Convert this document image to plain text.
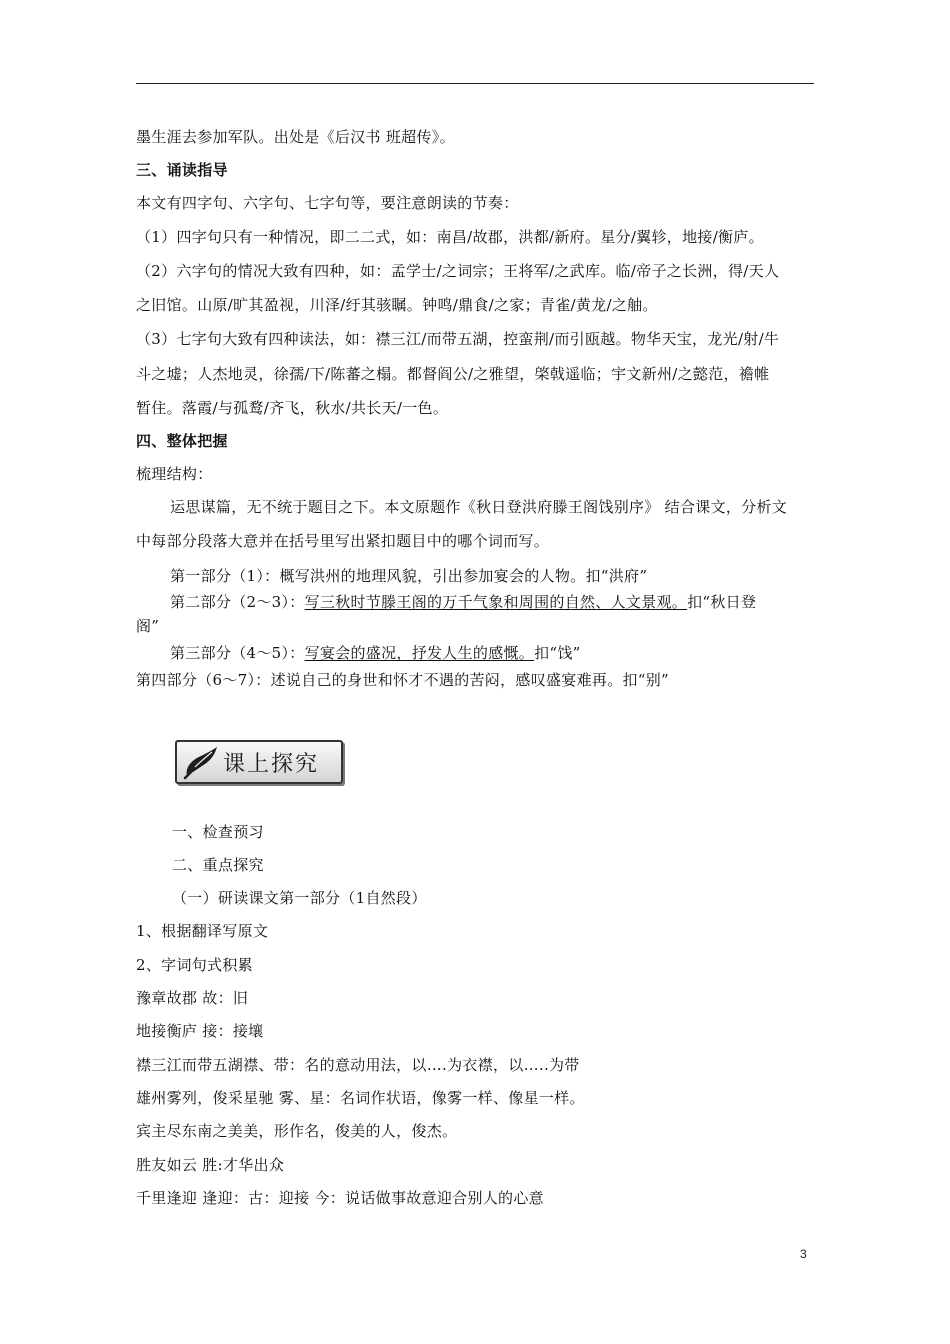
墨生涯去参加军队。出处是《后汉书 班超传》。
三、诵读指导
本文有四字句、六字句、七字句等，要注意朗读的节奏：
（1）四字句只有一种情况，即二二式，如：南昌/故郡，洪都/新府。星分/翼轸，地接/衡庐。
（2）六字句的情况大致有四种，如：孟学士/之词宗；王将军/之武库。临/帝子之长洲，得/天人
之旧馆。山原/旷其盈视，川泽/纡其骇瞩。钟鸣/鼎食/之家；青雀/黄龙/之舳。
（3）七字句大致有四种读法，如：襟三江/而带五湖，控蛮荆/而引瓯越。物华天宝，龙光/射/牛
斗之墟；人杰地灵，徐孺/下/陈蕃之榻。都督阎公/之雅望，棨戟遥临；宇文新州/之懿范，襜帷
暂住。落霞/与孤鹜/齐飞，秋水/共长天/一色。
四、整体把握
梳理结构：
运思谋篇，无不统于题目之下。本文原题作《秋日登洪府滕王阁饯别序》 结合课文，分析文
中每部分段落大意并在括号里写出紧扣题目中的哪个词而写。
第一部分（1）：概写洪州的地理风貌，引出参加宴会的人物。扣“洪府”
第二部分（2～3）：写三秋时节滕王阁的万千气象和周围的自然、人文景观。扣“秋日登
阁”
第三部分（4～5）：写宴会的盛况，抒发人生的感慨。扣“饯”
第四部分（6～7）：述说自己的身世和怀才不遇的苦闷，感叹盛宴难再。扣“别”
课上探究
一、检查预习
二、重点探究
（一）研读课文第一部分（1自然段）
1、根据翻译写原文
2、字词句式积累
豫章故郡 故：旧
地接衡庐 接：接壤
襟三江而带五湖襟、带：名的意动用法，以….为衣襟，以…..为带
雄州雾列，俊采星驰 雾、星：名词作状语，像雾一样、像星一样。
宾主尽东南之美美，形作名，俊美的人，俊杰。
胜友如云 胜:才华出众
千里逢迎 逢迎：古：迎接 今：说话做事故意迎合别人的心意
3
